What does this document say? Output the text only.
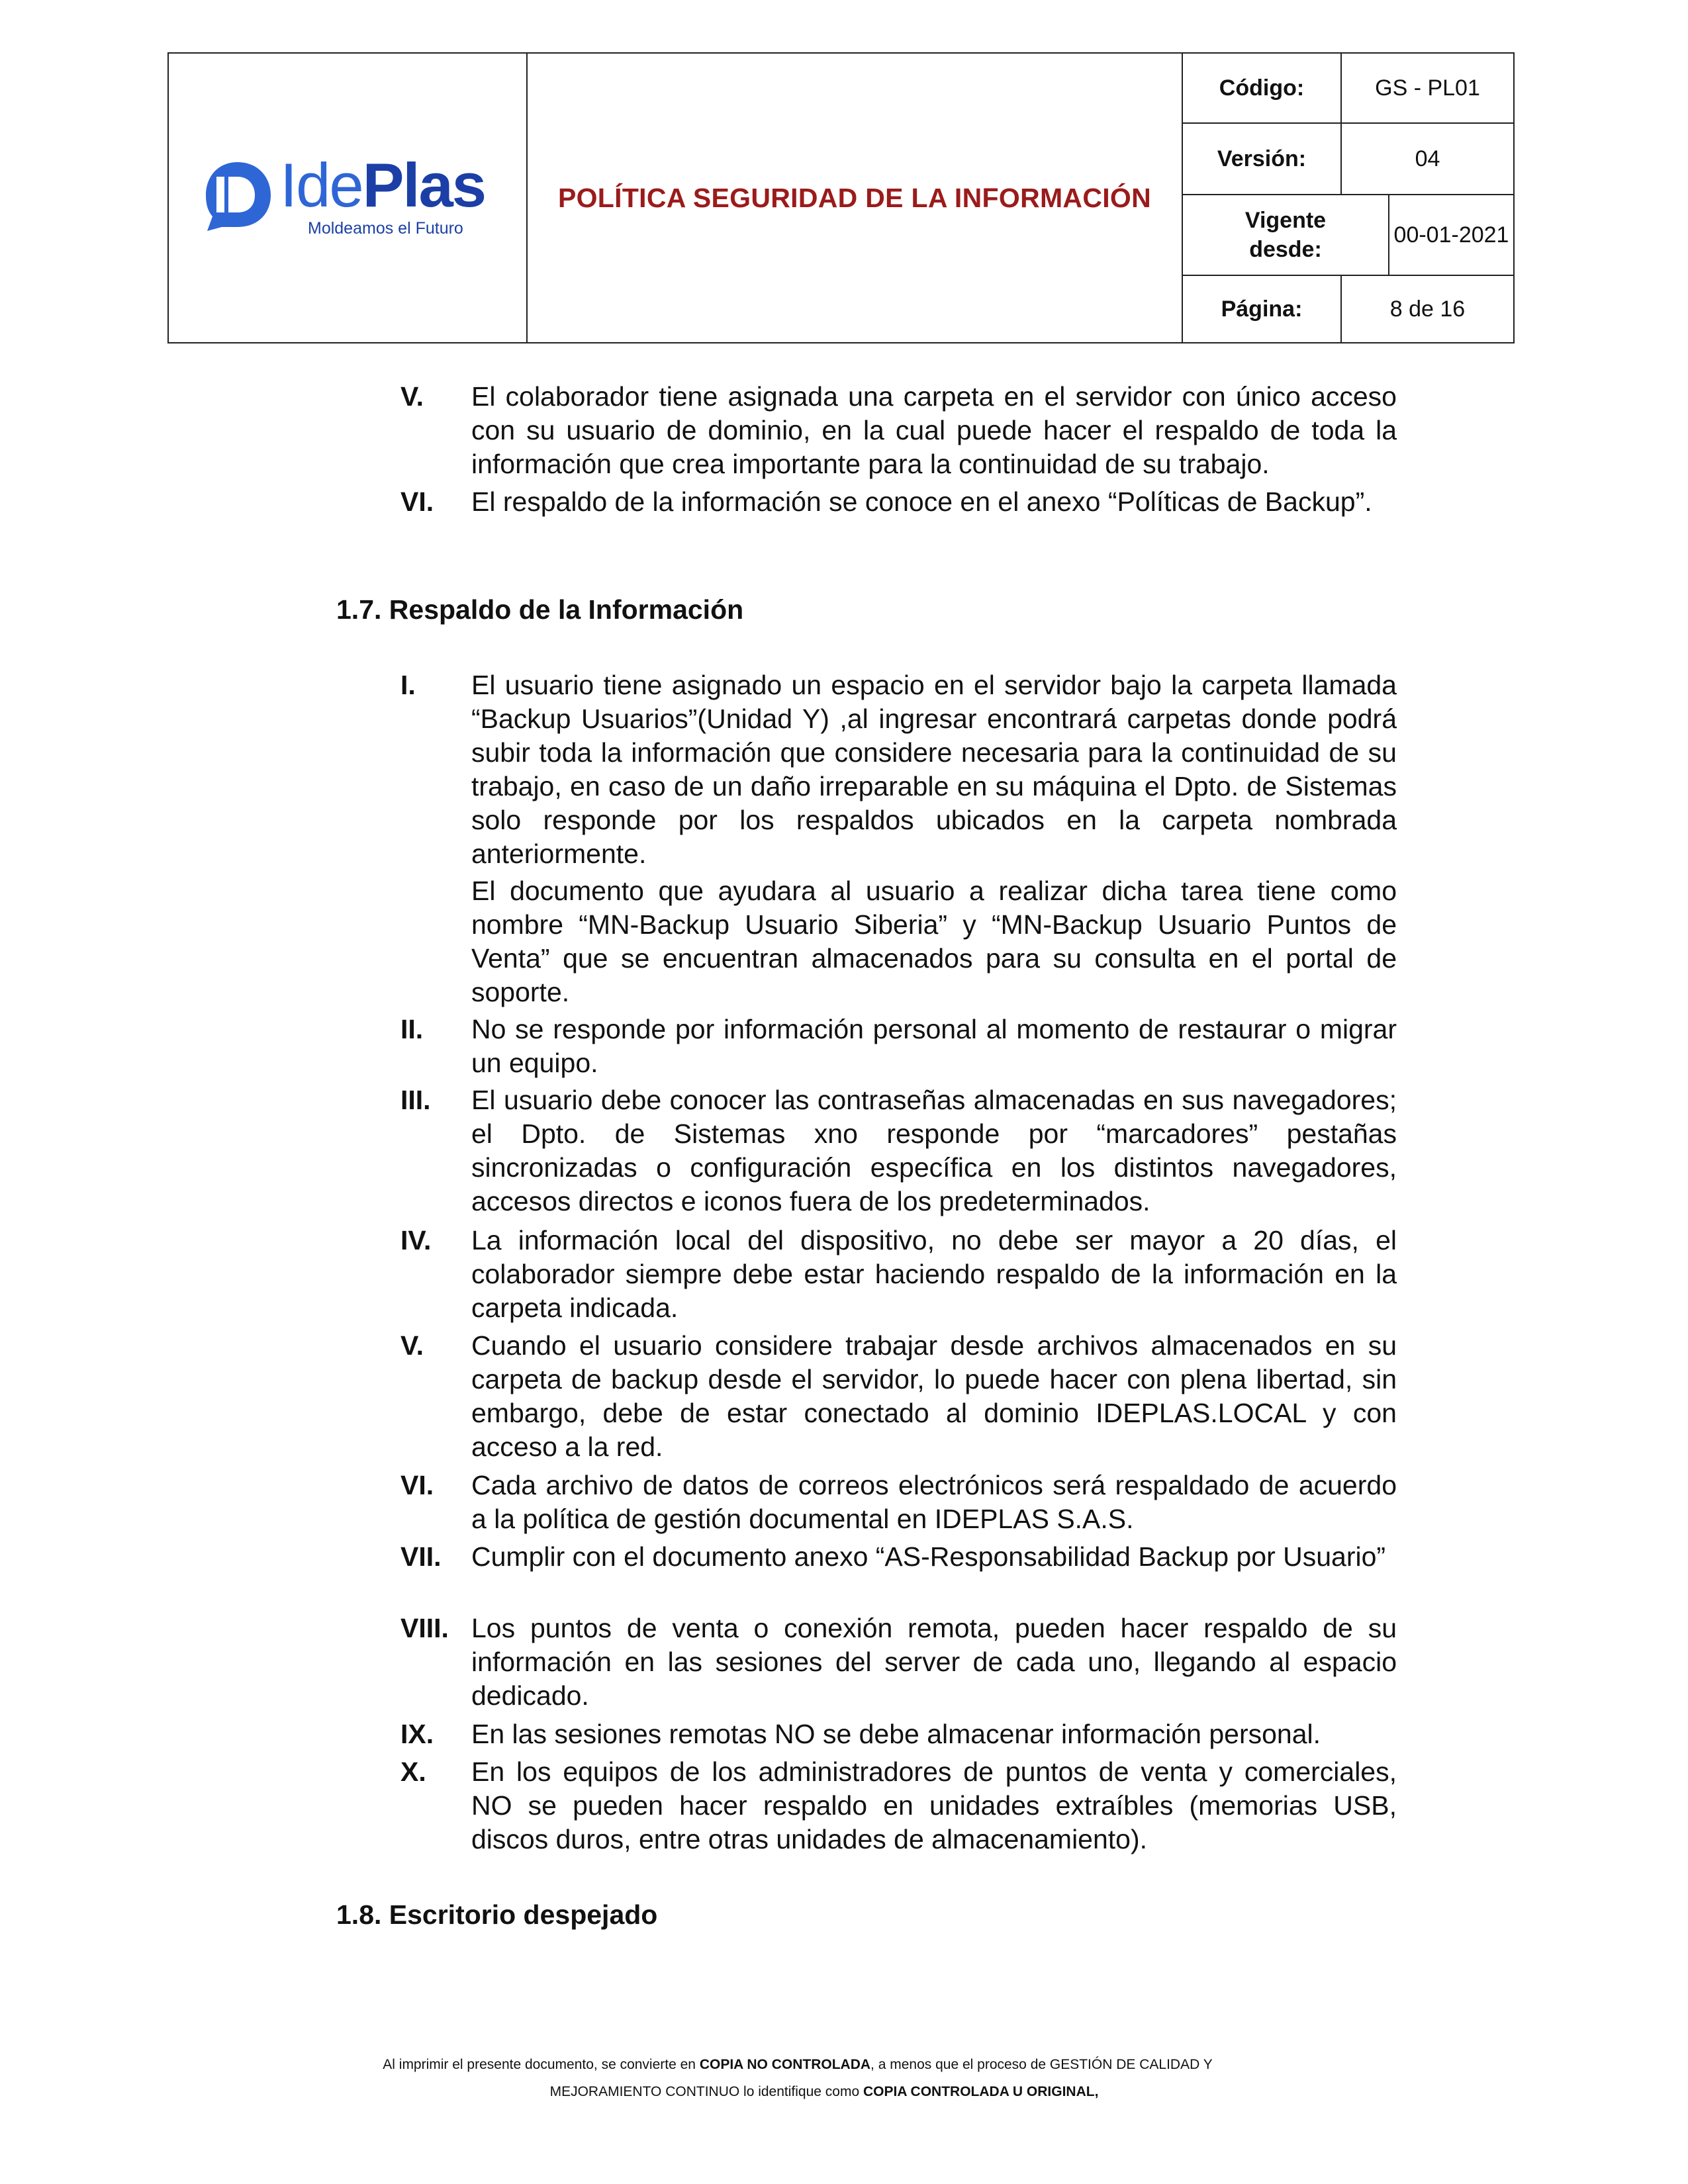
IdePlas
Moldeamos el Futuro
POLÍTICA SEGURIDAD DE LA INFORMACIÓN
Código:	GS - PL01
Versión:	04
Vigente desde:
00-01-2021
Página:	8 de 16
V. El colaborador tiene asignada una carpeta en el servidor con único acceso con su usuario de dominio, en la cual puede hacer el respaldo de toda la información que crea importante para la continuidad de su trabajo.
VI. El respaldo de la información se conoce en el anexo “Políticas de Backup”.
1.7. Respaldo de la Información
I. El usuario tiene asignado un espacio en el servidor bajo la carpeta llamada “Backup Usuarios”(Unidad Y) ,al ingresar encontrará carpetas donde podrá subir toda la información que considere necesaria para la continuidad de su trabajo, en caso de un daño irreparable en su máquina el Dpto. de Sistemas solo responde por los respaldos ubicados en la carpeta nombrada anteriormente.
El documento que ayudara al usuario a realizar dicha tarea tiene como nombre “MN-Backup Usuario Siberia” y “MN-Backup Usuario Puntos de Venta” que se encuentran almacenados para su consulta en el portal de soporte.
II. No se responde por información personal al momento de restaurar o migrar un equipo.
III. El usuario debe conocer las contraseñas almacenadas en sus navegadores; el Dpto. de Sistemas xno responde por “marcadores” pestañas sincronizadas o configuración específica en los distintos navegadores, accesos directos e iconos fuera de los predeterminados.
IV. La información local del dispositivo, no debe ser mayor a 20 días, el colaborador siempre debe estar haciendo respaldo de la información en la carpeta indicada.
V. Cuando el usuario considere trabajar desde archivos almacenados en su carpeta de backup desde el servidor, lo puede hacer con plena libertad, sin embargo, debe de estar conectado al dominio IDEPLAS.LOCAL y con acceso a la red.
VI. Cada archivo de datos de correos electrónicos será respaldado de acuerdo a la política de gestión documental en IDEPLAS S.A.S.
VII. Cumplir con el documento anexo “AS-Responsabilidad Backup por Usuario”
VIII. Los puntos de venta o conexión remota, pueden hacer respaldo de su información en las sesiones del server de cada uno, llegando al espacio dedicado.
IX. En las sesiones remotas NO se debe almacenar información personal.
X. En los equipos de los administradores de puntos de venta y comerciales, NO se pueden hacer respaldo en unidades extraíbles (memorias USB, discos duros, entre otras unidades de almacenamiento).
1.8. Escritorio despejado
Al imprimir el presente documento, se convierte en COPIA NO CONTROLADA, a menos que el proceso de GESTIÓN DE CALIDAD Y
MEJORAMIENTO CONTINUO lo identifique como COPIA CONTROLADA U ORIGINAL,
